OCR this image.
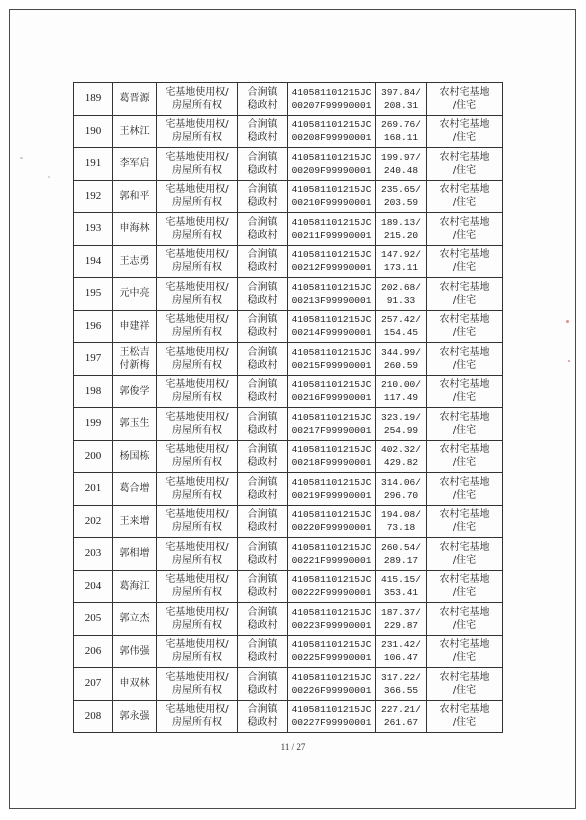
189	葛晋源	宅基地使用权/
房屋所有权	合涧镇
稳政村	410581101215JC
00207F99990001	397.84/
208.31	农村宅基地
/住宅

190	王林江	宅基地使用权/
房屋所有权	合涧镇
稳政村	410581101215JC
00208F99990001	269.76/
168.11	农村宅基地
/住宅

191	李军启	宅基地使用权/
房屋所有权	合涧镇
稳政村	410581101215JC
00209F99990001	199.97/
240.48	农村宅基地
/住宅

192	郭和平	宅基地使用权/
房屋所有权	合涧镇
稳政村	410581101215JC
00210F99990001	235.65/
203.59	农村宅基地
/住宅

193	申海林	宅基地使用权/
房屋所有权	合涧镇
稳政村	410581101215JC
00211F99990001	189.13/
215.20	农村宅基地
/住宅

194	王志勇	宅基地使用权/
房屋所有权	合涧镇
稳政村	410581101215JC
00212F99990001	147.92/
173.11	农村宅基地
/住宅

195	元中亮	宅基地使用权/
房屋所有权	合涧镇
稳政村	410581101215JC
00213F99990001	202.68/
91.33	农村宅基地
/住宅

196	申建祥	宅基地使用权/
房屋所有权	合涧镇
稳政村	410581101215JC
00214F99990001	257.42/
154.45	农村宅基地
/住宅

197	王松吉
付新梅	宅基地使用权/
房屋所有权	合涧镇
稳政村	410581101215JC
00215F99990001	344.99/
260.59	农村宅基地
/住宅

198	郭俊学	宅基地使用权/
房屋所有权	合涧镇
稳政村	410581101215JC
00216F99990001	210.00/
117.49	农村宅基地
/住宅

199	郭玉生	宅基地使用权/
房屋所有权	合涧镇
稳政村	410581101215JC
00217F99990001	323.19/
254.99	农村宅基地
/住宅

200	杨国栋	宅基地使用权/
房屋所有权	合涧镇
稳政村	410581101215JC
00218F99990001	402.32/
429.82	农村宅基地
/住宅

201	葛合增	宅基地使用权/
房屋所有权	合涧镇
稳政村	410581101215JC
00219F99990001	314.06/
296.70	农村宅基地
/住宅

202	王来增	宅基地使用权/
房屋所有权	合涧镇
稳政村	410581101215JC
00220F99990001	194.08/
73.18	农村宅基地
/住宅

203	郭相增	宅基地使用权/
房屋所有权	合涧镇
稳政村	410581101215JC
00221F99990001	260.54/
289.17	农村宅基地
/住宅

204	葛海江	宅基地使用权/
房屋所有权	合涧镇
稳政村	410581101215JC
00222F99990001	415.15/
353.41	农村宅基地
/住宅

205	郭立杰	宅基地使用权/
房屋所有权	合涧镇
稳政村	410581101215JC
00223F99990001	187.37/
229.87	农村宅基地
/住宅

206	郭伟强	宅基地使用权/
房屋所有权	合涧镇
稳政村	410581101215JC
00225F99990001	231.42/
106.47	农村宅基地
/住宅

207	申双林	宅基地使用权/
房屋所有权	合涧镇
稳政村	410581101215JC
00226F99990001	317.22/
366.55	农村宅基地
/住宅

208	郭永强	宅基地使用权/
房屋所有权	合涧镇
稳政村	410581101215JC
00227F99990001	227.21/
261.67	农村宅基地
/住宅
11 / 27
